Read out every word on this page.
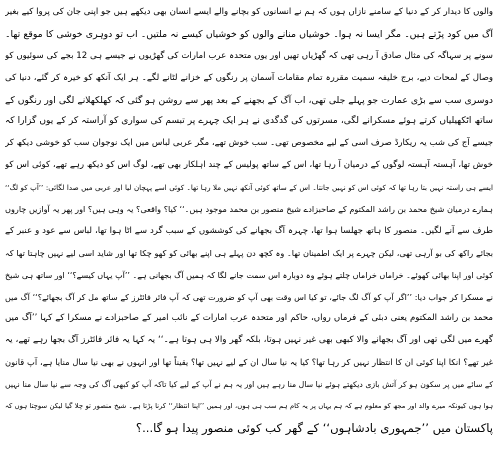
والوں کا دیدار کر کے دنیا کے سامنے نازاں ہوں کہ ہم نے انسانوں کو بچانے والے ایسے انسان بھی دیکھے ہیں جو اپنی جان کی پروا کیے بغیر
آگ میں کود پڑتے ہیں۔ مگر ایسا نہ ہوا۔ خوشیاں منانے والوں کو خوشیاں کیسے نہ ملتیں۔ اب تو دوہری خوشی کا موقع تھا۔
سونے پر سہاگہ کی مثال صادق آ رہی تھی کہ گھڑیاں تھیں اور یوں متحدہ عرب امارات کی گھڑیوں نے جیسے ہی 12 بجے کی سوئیوں کو
وصال کے لمحات دیے، برج خلیفہ سمیت مقررہ تمام مقامات آسمان پر رنگوں کے خزانے لٹانے لگے۔ ہر ایک آنکھ کو خیرہ کر گئے، دنیا کی
دوسری سب سے بڑی عمارت جو پہلے جلی تھی، اب آگ کے بجھنے کے بعد پھر سے روشن ہو گئی کہ کھلکھلانے لگی اور رنگوں کے
ساتھ اٹکھیلیاں کرتے ہوئے مسکرانے لگی، مسرتوں کی گدگدی نے ہر ایک چہرے پر تبسم کی سواری کو آراستہ کر کے یوں گزارا کہ
جیسے آج کی شب یہ ریکارڈ صرف اسی کے لیے مخصوص تھی۔ سب خوش تھے، مگر عربی لباس میں ایک نوجوان سب کو خوشی دیکھ کر
خوش تھا، آہستہ آہستہ لوگوں کے درمیان آ رہا تھا، اس کے ساتھ پولیس کے چند اہلکار بھی تھے، لوگ اس کو دیکھ رہے تھے، کوئی اس کو
ایسے ہی راستہ نہیں بتا رہا تھا کہ کوئی اس کو نہیں جانتا۔ اس کے ساتھ کوئی آنکھ نہیں ملا رہا تھا۔ کوئی اسے پہچان لیا اور عربی میں صدا لگائی: ’’آپ کو لگ‘‘
ہمارے درمیان شیخ محمد بن راشد المکتوم کے صاحبزادے شیخ منصور بن محمد موجود ہیں۔‘‘ کیا؟ واقعی؟ یہ وہی ہیں؟ اور پھر یہ آوازیں چاروں
طرف سے آنے لگیں۔ منصور کا ہاتھ جھلسا ہوا تھا، چہرہ آگ بجھانے کی کوششوں کے سبب گرد سے اٹا ہوا تھا، لباس سے عود و عنبر کے
بجائے راکھ کی بو آرہی تھی، لیکن چہرے پر ایک اطمینان تھا۔ وہ کچھ دن پہلے ہی اپنے بھائی کو کھو چکا تھا اور شاید اسی لیے نہیں چاہتا تھا کہ
کوئی اور اپنا بھائی کھوئے۔ خراماں خراماں چلتے ہوئے وہ دوبارہ اس سمت جانے لگا کہ ہمیں آگ بجھانی ہے۔ ’’آپ یہاں کیسے؟‘‘ اور ساتھ ہی شیخ
نے مسکرا کر جواب دیا: ’’اگر آپ کو آگ لگ جائے، تو کیا اس وقت بھی آپ کو ضرورت تھی کہ آپ فائر فائٹرز کے ساتھ مل کر آگ بجھائے؟‘‘ آگ میں
محمد بن راشد المکتوم یعنی دبئی کے فرماں رواں، حاکم اور متحدہ عرب امارات کے نائب امیر کے صاحبزادے نے مسکرا کے کہا ’’آگ میں
گھرے میں لگی تھی اور آگ بجھانے والا کبھی بھی غیر نہیں ہوتا، بلکہ گھر والا ہی ہوتا ہے۔‘‘ یہ کہا یہ فائر فائٹرز آگ بجھا رہے تھے، یہ
غیر تھے؟ انکا اپنا کوئی ان کا انتظار نہیں کر رہا تھا؟ کیا یہ نیا سال ان کے لیے نہیں تھا؟ یقیناً تھا اور انہوں نے بھی نیا سال منایا ہے، آپ قانون
کے سائے میں پر سکون ہو کر آتش بازی دیکھتے ہوئے نیا سال منا رہے ہیں اور یہ ہم نے آپ کے لیے کیا تاکہ آپ کو کبھی آگ کی وجہ سے نیا سال منا نہیں
ہوا ہوں کیونکہ میرے والد اور مجھ کو معلوم ہے کہ ہم یہاں پر یہ کام ہم سب ہی ہوں، اور ہمیں ’’اپنا انتظار‘‘ کرنا پڑتا ہے۔ شیخ منصور تو چلا گیا لیکن سوچتا ہوں کہ
پاکستان میں ’’جمہوری بادشاہوں‘‘ کے گھر کب کوئی منصور پیدا ہو گا...؟
